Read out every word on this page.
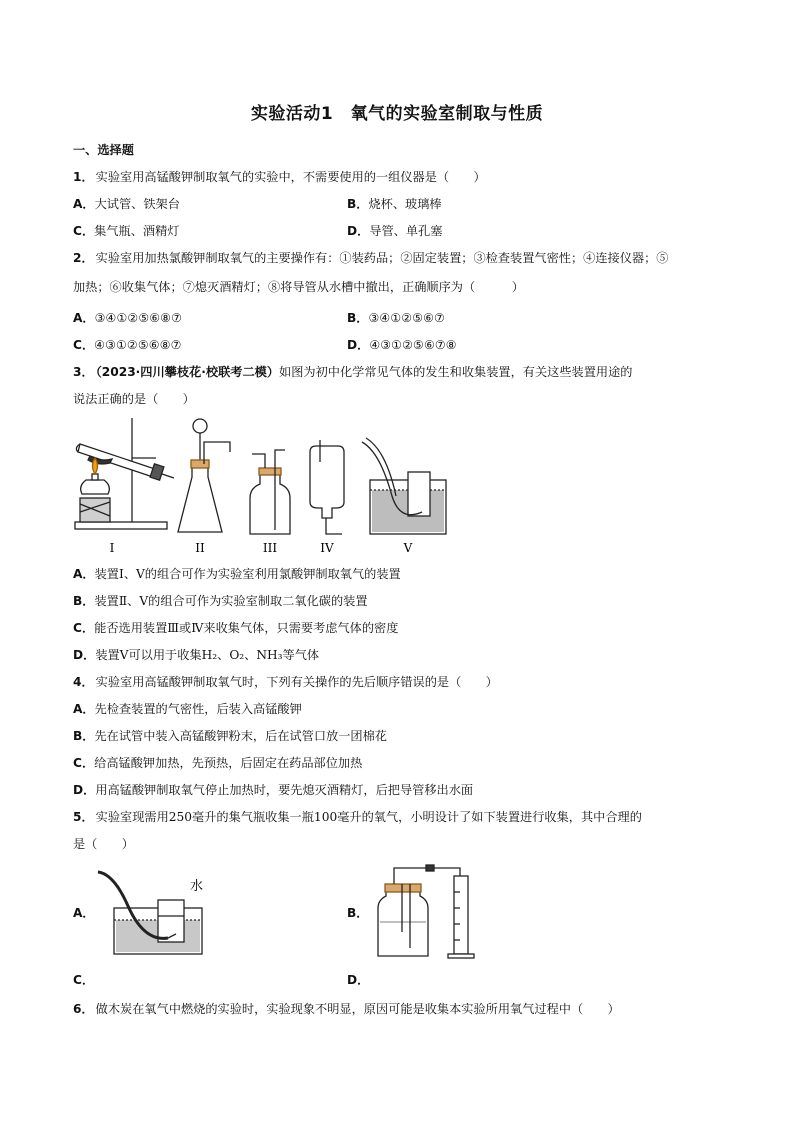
实验活动1　氧气的实验室制取与性质
一、选择题
1． 实验室用高锰酸钾制取氧气的实验中，不需要使用的一组仪器是（　　）
A．大试管、铁架台	B．烧杯、玻璃棒
C．集气瓶、酒精灯	D．导管、单孔塞
2． 实验室用加热氯酸钾制取氧气的主要操作有：①装药品；②固定装置；③检查装置气密性；④连接仪器；⑤
加热；⑥收集气体；⑦熄灭酒精灯；⑧将导管从水槽中撤出，正确顺序为（　　　）
A．③④①②⑤⑥⑧⑦	B．③④①②⑤⑥⑦
C．④③①②⑤⑥⑧⑦	D．④③①②⑤⑥⑦⑧
3． （2023·四川攀枝花·校联考二模）如图为初中化学常见气体的发生和收集装置，有关这些装置用途的
说法正确的是（　　）
I	II	III	IV	V
A．装置Ⅰ、Ⅴ的组合可作为实验室利用氯酸钾制取氧气的装置
B．装置Ⅱ、Ⅴ的组合可作为实验室制取二氧化碳的装置
C．能否选用装置Ⅲ或Ⅳ来收集气体，只需要考虑气体的密度
D．装置Ⅴ可以用于收集H₂、O₂、NH₃等气体
4． 实验室用高锰酸钾制取氧气时，下列有关操作的先后顺序错误的是（　　）
A．先检查装置的气密性，后装入高锰酸钾
B．先在试管中装入高锰酸钾粉末，后在试管口放一团棉花
C．给高锰酸钾加热，先预热，后固定在药品部位加热
D．用高锰酸钾制取氧气停止加热时，要先熄灭酒精灯，后把导管移出水面
5． 实验室现需用250毫升的集气瓶收集一瓶100毫升的氧气，小明设计了如下装置进行收集，其中合理的
是（　　）
A．
水
B．
C．	D．
6． 做木炭在氧气中燃烧的实验时，实验现象不明显，原因可能是收集本实验所用氧气过程中（　　）
